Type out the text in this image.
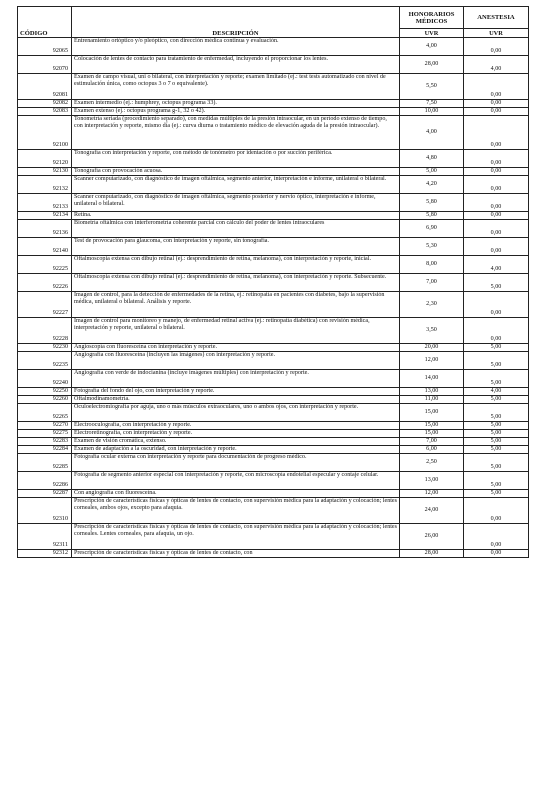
CÓDIGO	DESCRIPCIÓN	HONORARIOS MÉDICOS	ANESTESIA
		UVR	UVR
92065	Entrenamiento ortóptico y/o pleóptico, con dirección médica continua y evaluación.	4,00	0,00
92070	Colocación de lentes de contacto para tratamiento de enfermedad, incluyendo el proporcionar los lentes.	28,00	4,00
92081	Examen de campo visual, uni o bilateral, con interpretación y reporte; examen limitado (ej.: test tests automatizado con nivel de estimulación única, como octopus 3 o 7 o equivalente).	5,50	0,00
92082	Examen intermedio (ej.: humphrey, octopus programa 33).	7,50	0,00
92083	Examen extenso (ej.: octopus programa g-1, 32 o 42).	10,00	0,00
92100	Tonometría seriada (procedimiento separado), con medidas múltiples de la presión intraocular, en un período extenso de tiempo, con interpretación y reporte, mismo día (ej.: curva diurna o tratamiento médico de elevación aguda de la presión intraocular).	4,00	0,00
92120	Tonografía con interpretación y reporte, con método de tonómetro por identación o por succión periférica.	4,80	0,00
92130	Tonografía con provocación acuosa.	5,00	0,00
92132	Scanner computarizado, con diagnóstico de imagen oftálmica, segmento anterior, interpretación e informe, unilateral o bilateral.	4,20	0,00
92133	Scanner computarizado, con diagnóstico de imagen oftálmica, segmento posterior y nervio óptico, interpretación e informe, unilateral o bilateral.	5,80	0,00
92134	Retina.	5,80	0,00
92136	Biometría oftálmica con interferometría coherente parcial con cálculo del poder de lentes intraoculares	6,90	0,00
92140	Test de provocación para glaucoma, con interpretación y reporte, sin tonografía.	5,30	0,00
92225	Oftalmoscopia extensa con dibujo retinal (ej.: desprendimiento de retina, melanoma), con interpretación y reporte, inicial.	8,00	4,00
92226	Oftalmoscopia extensa con dibujo retinal (ej.: desprendimiento de retina, melanoma), con interpretación y reporte. Subsecuente.	7,00	5,00
92227	Imagen de control, para la detección de enfermedades de la retina, ej.: retinopatía en pacientes con diabetes, bajo la supervisión médica, unilateral o bilateral. Análisis y reporte.	2,30	0,00
92228	Imagen de control para monitoreo y manejo, de enfermedad retinal activa (ej.: retinopatía diabética) con revisión médica, interpretación y reporte, unilateral o bilateral.	3,50	0,00
92230	Angioscopía con fluoresceína con interpretación y reporte.	20,00	5,00
92235	Angiografía con fluoresceína (incluyen las imágenes) con interpretación y reporte.	12,00	5,00
92240	Angiografía con verde de indocianina (incluye imágenes múltiples) con interpretación y reporte.	14,00	5,00
92250	Fotografía del fondo del ojo, con interpretación y reporte.	13,00	4,00
92260	Oftalmodinamometría.	11,00	5,00
92265	Oculoelectromiografía por aguja, uno o más músculos extraoculares, uno o ambos ojos, con interpretación y reporte.	15,00	5,00
92270	Electrooculografía, con interpretación y reporte.	15,00	5,00
92275	Electroretinografía, con interpretación y reporte.	15,00	5,00
92283	Examen de visión cromática, extenso.	7,00	5,00
92284	Examen de adaptación a la oscuridad, con interpretación y reporte.	6,00	5,00
92285	Fotografía ocular externa con interpretación y reporte para documentación de progreso médico.	2,50	5,00
92286	Fotografía de segmento anterior especial con interpretación y reporte, con microscopía endotelial especular y contaje celular.	13,00	5,00
92287	Con angiografía con fluoresceína.	12,00	5,00
92310	Prescripción de características físicas y ópticas de lentes de contacto, con supervisión médica para la adaptación y colocación; lentes corneales, ambos ojos, excepto para afaquia.	24,00	0,00
92311	Prescripción de características físicas y ópticas de lentes de contacto, con supervisión médica para la adaptación y colocación; lentes corneales. Lentes corneales, para afaquia, un ojo.	26,00	0,00
92312	Prescripción de características físicas y ópticas de lentes de contacto, con	28,00	0,00
